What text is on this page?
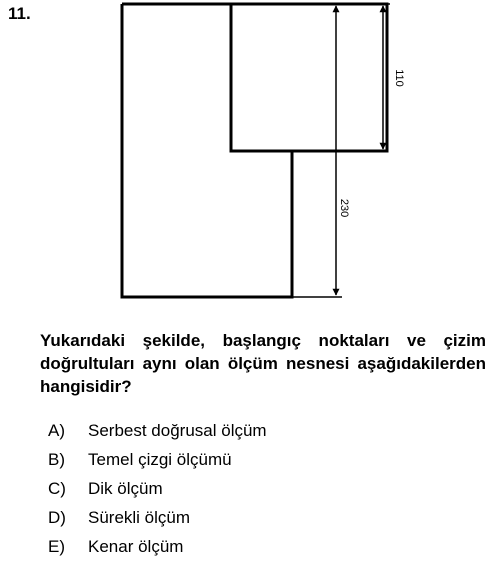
11.
110
230
Yukarıdaki şekilde, başlangıç noktaları ve çizim doğrultuları aynı olan ölçüm nesnesi aşağıdakilerden hangisidir?
A) Serbest doğrusal ölçüm
B) Temel çizgi ölçümü
C) Dik ölçüm
D) Sürekli ölçüm
E) Kenar ölçüm
